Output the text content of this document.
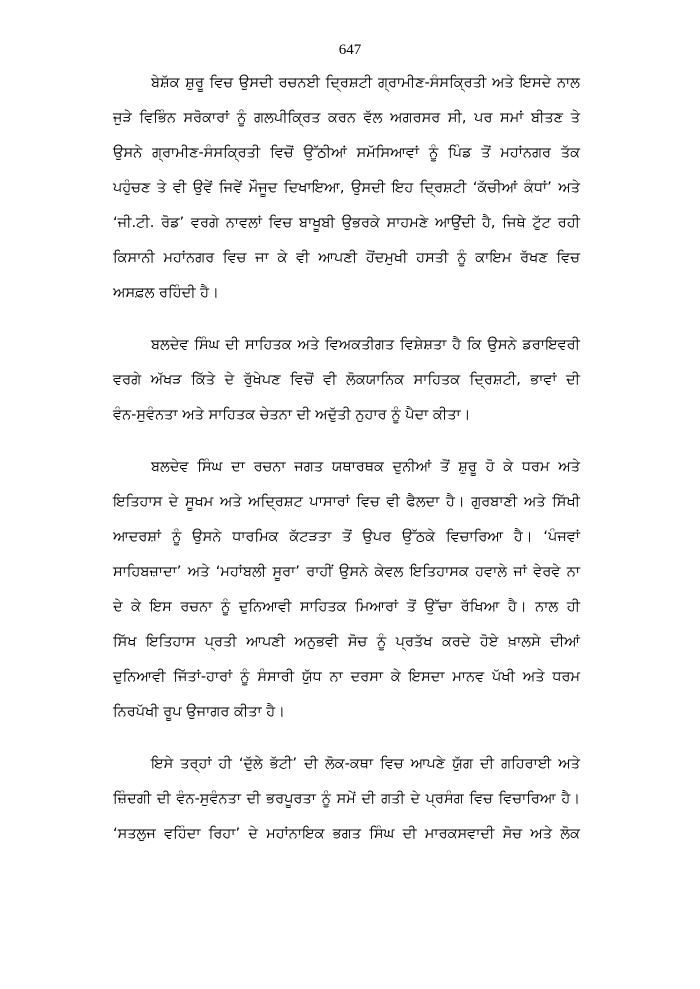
647
ਬੇਸ਼ੱਕ ਸ਼ੁਰੂ ਵਿਚ ਉਸਦੀ ਰਚਨਈ ਦ੍ਰਿਸ਼ਟੀ ਗ੍ਰਾਮੀਣ-ਸੰਸਕ੍ਰਿਤੀ ਅਤੇ ਇਸਦੇ ਨਾਲ
ਜੁੜੇ ਵਿਭਿੰਨ ਸਰੋਕਾਰਾਂ ਨੂੰ ਗਲਪੀਕ੍ਰਿਤ ਕਰਨ ਵੱਲ ਅਗਰਸਰ ਸੀ, ਪਰ ਸਮਾਂ ਬੀਤਣ ਤੇ
ਉਸਨੇ ਗ੍ਰਾਮੀਣ-ਸੰਸਕ੍ਰਿਤੀ ਵਿਚੋਂ ਉੱਠੀਆਂ ਸਮੱਸਿਆਵਾਂ ਨੂੰ ਪਿੰਡ ਤੋਂ ਮਹਾਂਨਗਰ ਤੱਕ
ਪਹੁੰਚਣ ਤੇ ਵੀ ਉਵੇਂ ਜਿਵੇਂ ਮੌਜੂਦ ਦਿਖਾਇਆ, ਉਸਦੀ ਇਹ ਦ੍ਰਿਸ਼ਟੀ ‘ਕੱਚੀਆਂ ਕੰਧਾਂ’ ਅਤੇ
‘ਜੀ.ਟੀ. ਰੋਡ’ ਵਰਗੇ ਨਾਵਲਾਂ ਵਿਚ ਬਾਖੂਬੀ ਉਭਰਕੇ ਸਾਹਮਣੇ ਆਉਂਦੀ ਹੈ, ਜਿਥੇ ਟੁੱਟ ਰਹੀ
ਕਿਸਾਨੀ ਮਹਾਂਨਗਰ ਵਿਚ ਜਾ ਕੇ ਵੀ ਆਪਣੀ ਹੋਂਦਮੁਖੀ ਹਸਤੀ ਨੂੰ ਕਾਇਮ ਰੱਖਣ ਵਿਚ
ਅਸਫ਼ਲ ਰਹਿੰਦੀ ਹੈ।
ਬਲਦੇਵ ਸਿੰਘ ਦੀ ਸਾਹਿਤਕ ਅਤੇ ਵਿਅਕਤੀਗਤ ਵਿਸ਼ੇਸ਼ਤਾ ਹੈ ਕਿ ਉਸਨੇ ਡਰਾਇਵਰੀ
ਵਰਗੇ ਅੱਖੜ ਕਿੱਤੇ ਦੇ ਰੁੱਖੇਪਣ ਵਿਚੋਂ ਵੀ ਲੋਕਯਾਨਿਕ ਸਾਹਿਤਕ ਦ੍ਰਿਸ਼ਟੀ, ਭਾਵਾਂ ਦੀ
ਵੰਨ-ਸੁਵੰਨਤਾ ਅਤੇ ਸਾਹਿਤਕ ਚੇਤਨਾ ਦੀ ਅਦੁੱਤੀ ਨੁਹਾਰ ਨੂੰ ਪੈਦਾ ਕੀਤਾ।
ਬਲਦੇਵ ਸਿੰਘ ਦਾ ਰਚਨਾ ਜਗਤ ਯਥਾਰਥਕ ਦੁਨੀਆਂ ਤੋਂ ਸ਼ੁਰੂ ਹੋ ਕੇ ਧਰਮ ਅਤੇ
ਇਤਿਹਾਸ ਦੇ ਸੂਖਮ ਅਤੇ ਅਦ੍ਰਿਸ਼ਟ ਪਾਸਾਰਾਂ ਵਿਚ ਵੀ ਫੈਲਦਾ ਹੈ। ਗੁਰਬਾਣੀ ਅਤੇ ਸਿੱਖੀ
ਆਦਰਸ਼ਾਂ ਨੂੰ ਉਸਨੇ ਧਾਰਮਿਕ ਕੱਟੜਤਾ ਤੋਂ ਉਪਰ ਉੱਠਕੇ ਵਿਚਾਰਿਆ ਹੈ। ‘ਪੰਜਵਾਂ
ਸਾਹਿਬਜ਼ਾਦਾ’ ਅਤੇ ‘ਮਹਾਂਬਲੀ ਸੂਰਾ’ ਰਾਹੀਂ ਉਸਨੇ ਕੇਵਲ ਇਤਿਹਾਸਕ ਹਵਾਲੇ ਜਾਂ ਵੇਰਵੇ ਨਾ
ਦੇ ਕੇ ਇਸ ਰਚਨਾ ਨੂੰ ਦੁਨਿਆਵੀ ਸਾਹਿਤਕ ਮਿਆਰਾਂ ਤੋਂ ਉੱਚਾ ਰੱਖਿਆ ਹੈ। ਨਾਲ ਹੀ
ਸਿੱਖ ਇਤਿਹਾਸ ਪ੍ਰਤੀ ਆਪਣੀ ਅਨੁਭਵੀ ਸੋਚ ਨੂੰ ਪ੍ਰਤੱਖ ਕਰਦੇ ਹੋਏ ਖ਼ਾਲਸੇ ਦੀਆਂ
ਦੁਨਿਆਵੀ ਜਿੱਤਾਂ-ਹਾਰਾਂ ਨੂੰ ਸੰਸਾਰੀ ਯੁੱਧ ਨਾ ਦਰਸਾ ਕੇ ਇਸਦਾ ਮਾਨਵ ਪੱਖੀ ਅਤੇ ਧਰਮ
ਨਿਰਪੱਖੀ ਰੂਪ ਉਜਾਗਰ ਕੀਤਾ ਹੈ।
ਇਸੇ ਤਰ੍ਹਾਂ ਹੀ ‘ਦੁੱਲੇ ਭੱਟੀ’ ਦੀ ਲੋਕ-ਕਥਾ ਵਿਚ ਆਪਣੇ ਯੁੱਗ ਦੀ ਗਹਿਰਾਈ ਅਤੇ
ਜ਼ਿੰਦਗੀ ਦੀ ਵੰਨ-ਸੁਵੰਨਤਾ ਦੀ ਭਰਪੂਰਤਾ ਨੂੰ ਸਮੇਂ ਦੀ ਗਤੀ ਦੇ ਪ੍ਰਸੰਗ ਵਿਚ ਵਿਚਾਰਿਆ ਹੈ।
‘ਸਤਲੁਜ ਵਹਿੰਦਾ ਰਿਹਾ’ ਦੇ ਮਹਾਂਨਾਇਕ ਭਗਤ ਸਿੰਘ ਦੀ ਮਾਰਕਸਵਾਦੀ ਸੋਚ ਅਤੇ ਲੋਕ
